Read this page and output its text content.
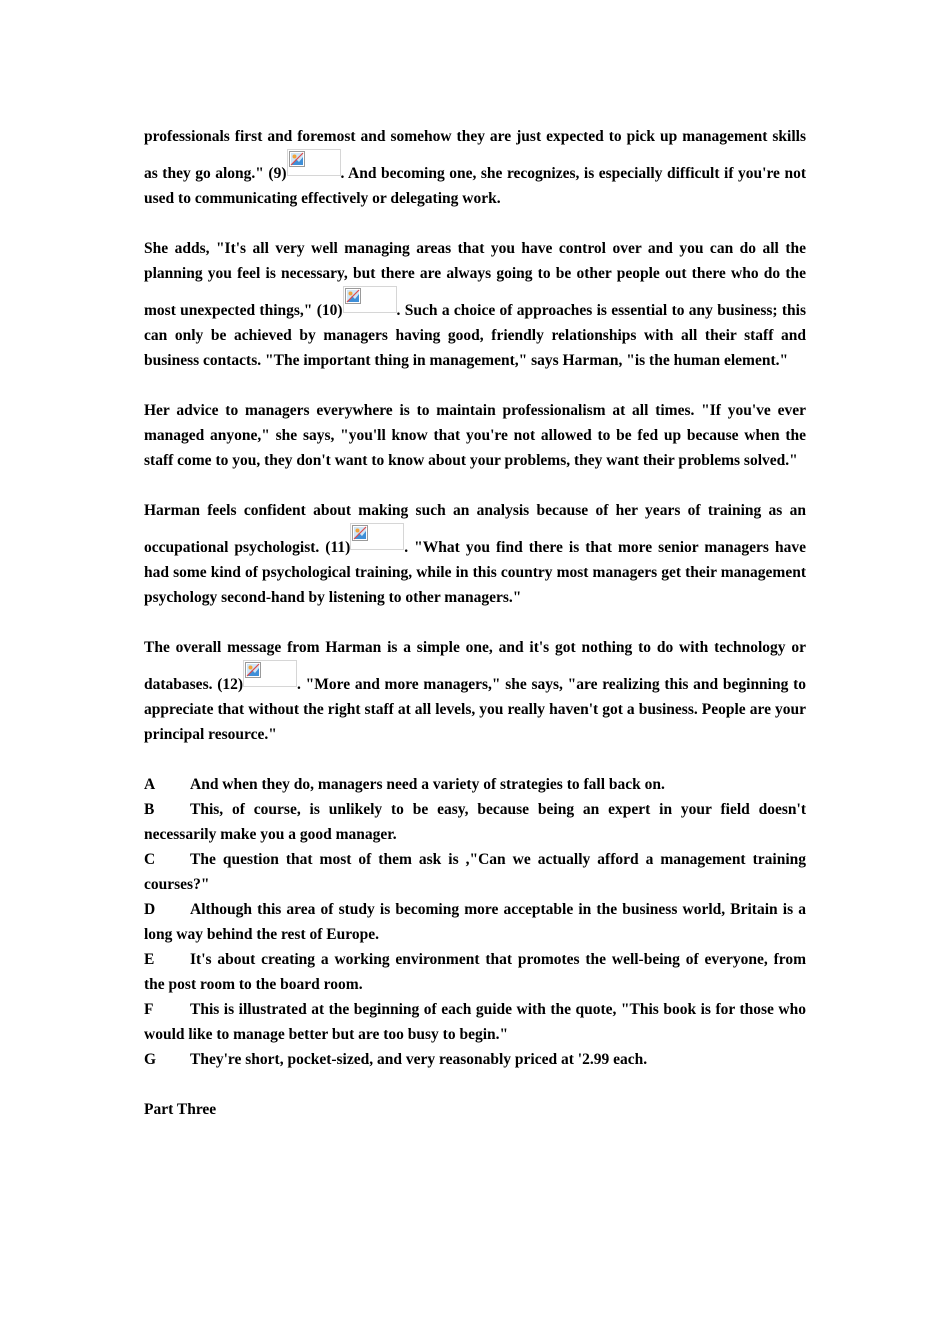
professionals first and foremost and somehow they are just expected to pick up management skills as they go along." (9)	. And becoming one, she recognizes, is especially difficult if you're not used to communicating effectively or delegating work.

She adds, "It's all very well managing areas that you have control over and you can do all the planning you feel is necessary, but there are always going to be other people out there who do the most unexpected things," (10)	. Such a choice of approaches is essential to any business; this can only be achieved by managers having good, friendly relationships with all their staff and business contacts. "The important thing in management," says Harman, "is the human element."

Her advice to managers everywhere is to maintain professionalism at all times. "If you've ever managed anyone," she says, "you'll know that you're not allowed to be fed up because when the staff come to you, they don't want to know about your problems, they want their problems solved."

Harman feels confident about making such an analysis because of her years of training as an occupational psychologist. (11)	. "What you find there is that more senior managers have had some kind of psychological training, while in this country most managers get their management psychology second-hand by listening to other managers."

The overall message from Harman is a simple one, and it's got nothing to do with technology or databases. (12)	. "More and more managers," she says, "are realizing this and beginning to appreciate that without the right staff at all levels, you really haven't got a business. People are your principal resource."

A And when they do, managers need a variety of strategies to fall back on.

B This, of course, is unlikely to be easy, because being an expert in your field doesn't necessarily make you a good manager.

C The question that most of them ask is ,"Can we actually afford a management training courses?"

D Although this area of study is becoming more acceptable in the business world, Britain is a long way behind the rest of Europe.

E It's about creating a working environment that promotes the well-being of everyone, from the post room to the board room.

F This is illustrated at the beginning of each guide with the quote, "This book is for those who would like to manage better but are too busy to begin."

G They're short, pocket-sized, and very reasonably priced at '2.99 each.

Part Three
